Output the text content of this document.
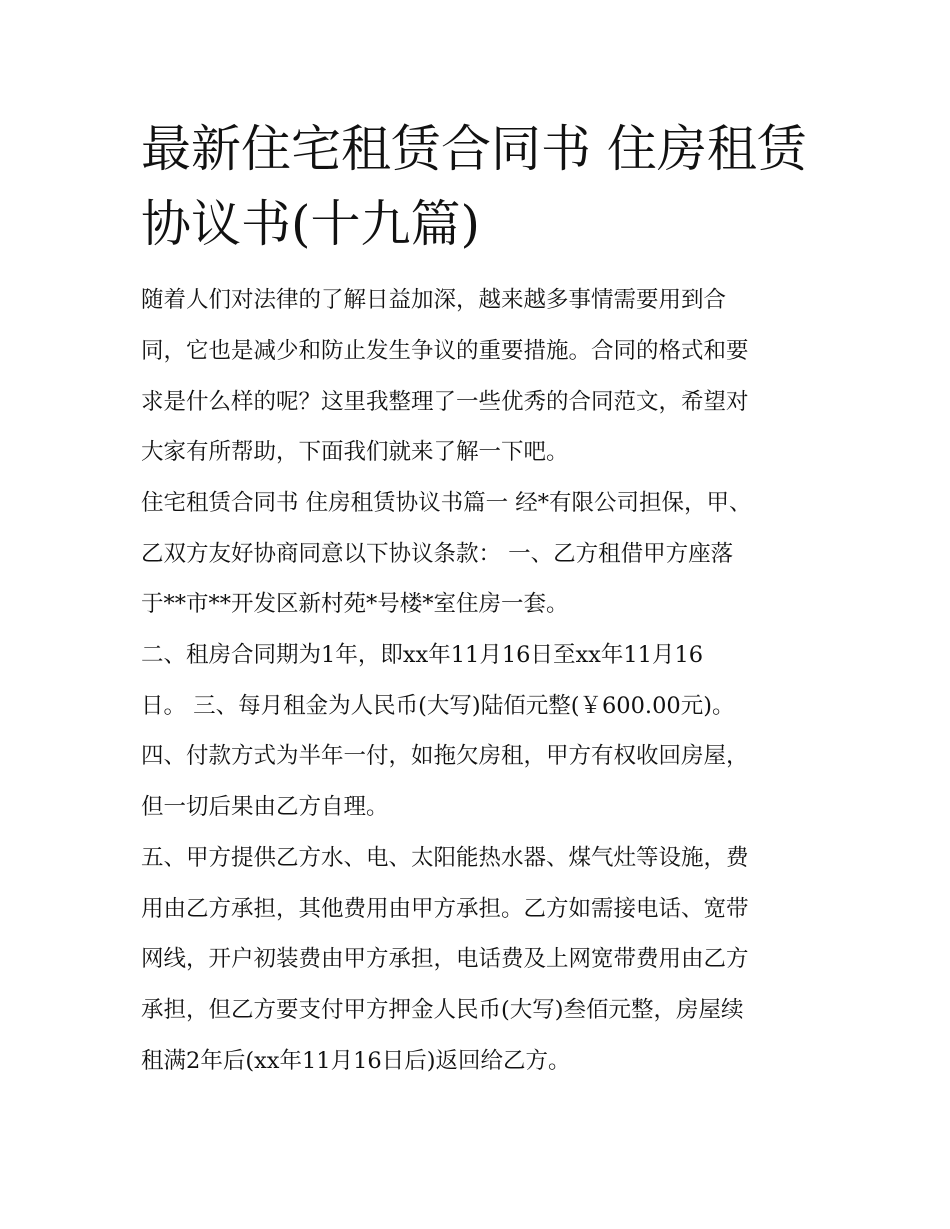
最新住宅租赁合同书 住房租赁
协议书(十九篇)

随着人们对法律的了解日益加深，越来越多事情需要用到合

同，它也是减少和防止发生争议的重要措施。合同的格式和要

求是什么样的呢？这里我整理了一些优秀的合同范文，希望对

大家有所帮助，下面我们就来了解一下吧。

住宅租赁合同书 住房租赁协议书篇一 经*有限公司担保，甲、

乙双方友好协商同意以下协议条款： 一、乙方租借甲方座落

于**市**开发区新村苑*号楼*室住房一套。

二、租房合同期为1年，即xx年11月16日至xx年11月16

日。 三、每月租金为人民币(大写)陆佰元整(￥600.00元)。

四、付款方式为半年一付，如拖欠房租，甲方有权收回房屋，

但一切后果由乙方自理。

五、甲方提供乙方水、电、太阳能热水器、煤气灶等设施，费

用由乙方承担，其他费用由甲方承担。乙方如需接电话、宽带

网线，开户初装费由甲方承担，电话费及上网宽带费用由乙方

承担，但乙方要支付甲方押金人民币(大写)叁佰元整，房屋续

租满2年后(xx年11月16日后)返回给乙方。
